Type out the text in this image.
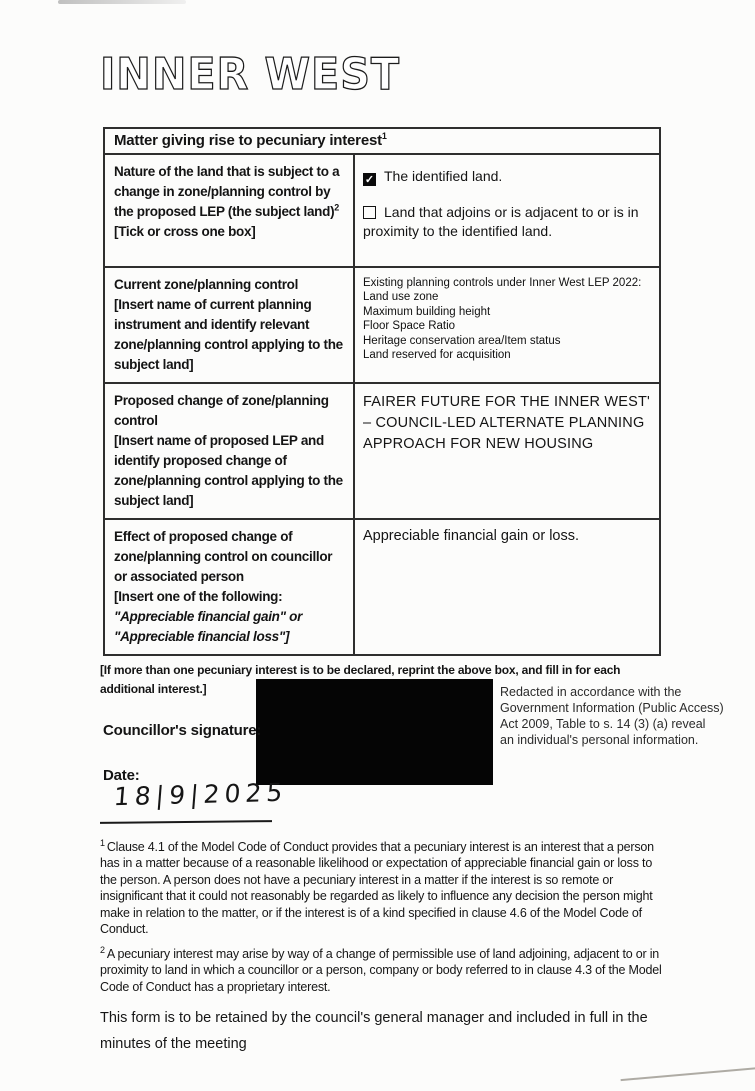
INNER WEST
Matter giving rise to pecuniary interest$^1$
Nature of the land that is subject to a change in zone/planning control by the proposed LEP (the subject land)$^2$
[Tick or cross one box]
✓ The identified land.
Land that adjoins or is adjacent to or is in proximity to the identified land.
Current zone/planning control
[Insert name of current planning instrument and identify relevant zone/planning control applying to the subject land]
Existing planning controls under Inner West LEP 2022:
Land use zone
Maximum building height
Floor Space Ratio
Heritage conservation area/Item status
Land reserved for acquisition
Proposed change of zone/planning control
[Insert name of proposed LEP and identify proposed change of zone/planning control applying to the subject land]
FAIRER FUTURE FOR THE INNER WEST' – COUNCIL-LED ALTERNATE PLANNING APPROACH FOR NEW HOUSING
Effect of proposed change of zone/planning control on councillor or associated person
[Insert one of the following:
"Appreciable financial gain" or
"Appreciable financial loss"]
Appreciable financial gain or loss.
[If more than one pecuniary interest is to be declared, reprint the above box, and fill in for each additional interest.]	Redacted in accordance with the
Government Information (Public Access)
Act 2009, Table to s. 14 (3) (a) reveal
an individual's personal information.
Councillor's signature:
Date:
18|9|2025

$^1$ Clause 4.1 of the Model Code of Conduct provides that a pecuniary interest is an interest that a person has in a matter because of a reasonable likelihood or expectation of appreciable financial gain or loss to the person. A person does not have a pecuniary interest in a matter if the interest is so remote or insignificant that it could not reasonably be regarded as likely to influence any decision the person might make in relation to the matter, or if the interest is of a kind specified in clause 4.6 of the Model Code of Conduct.

$^2$ A pecuniary interest may arise by way of a change of permissible use of land adjoining, adjacent to or in proximity to land in which a councillor or a person, company or body referred to in clause 4.3 of the Model Code of Conduct has a proprietary interest.

This form is to be retained by the council's general manager and included in full in the minutes of the meeting
